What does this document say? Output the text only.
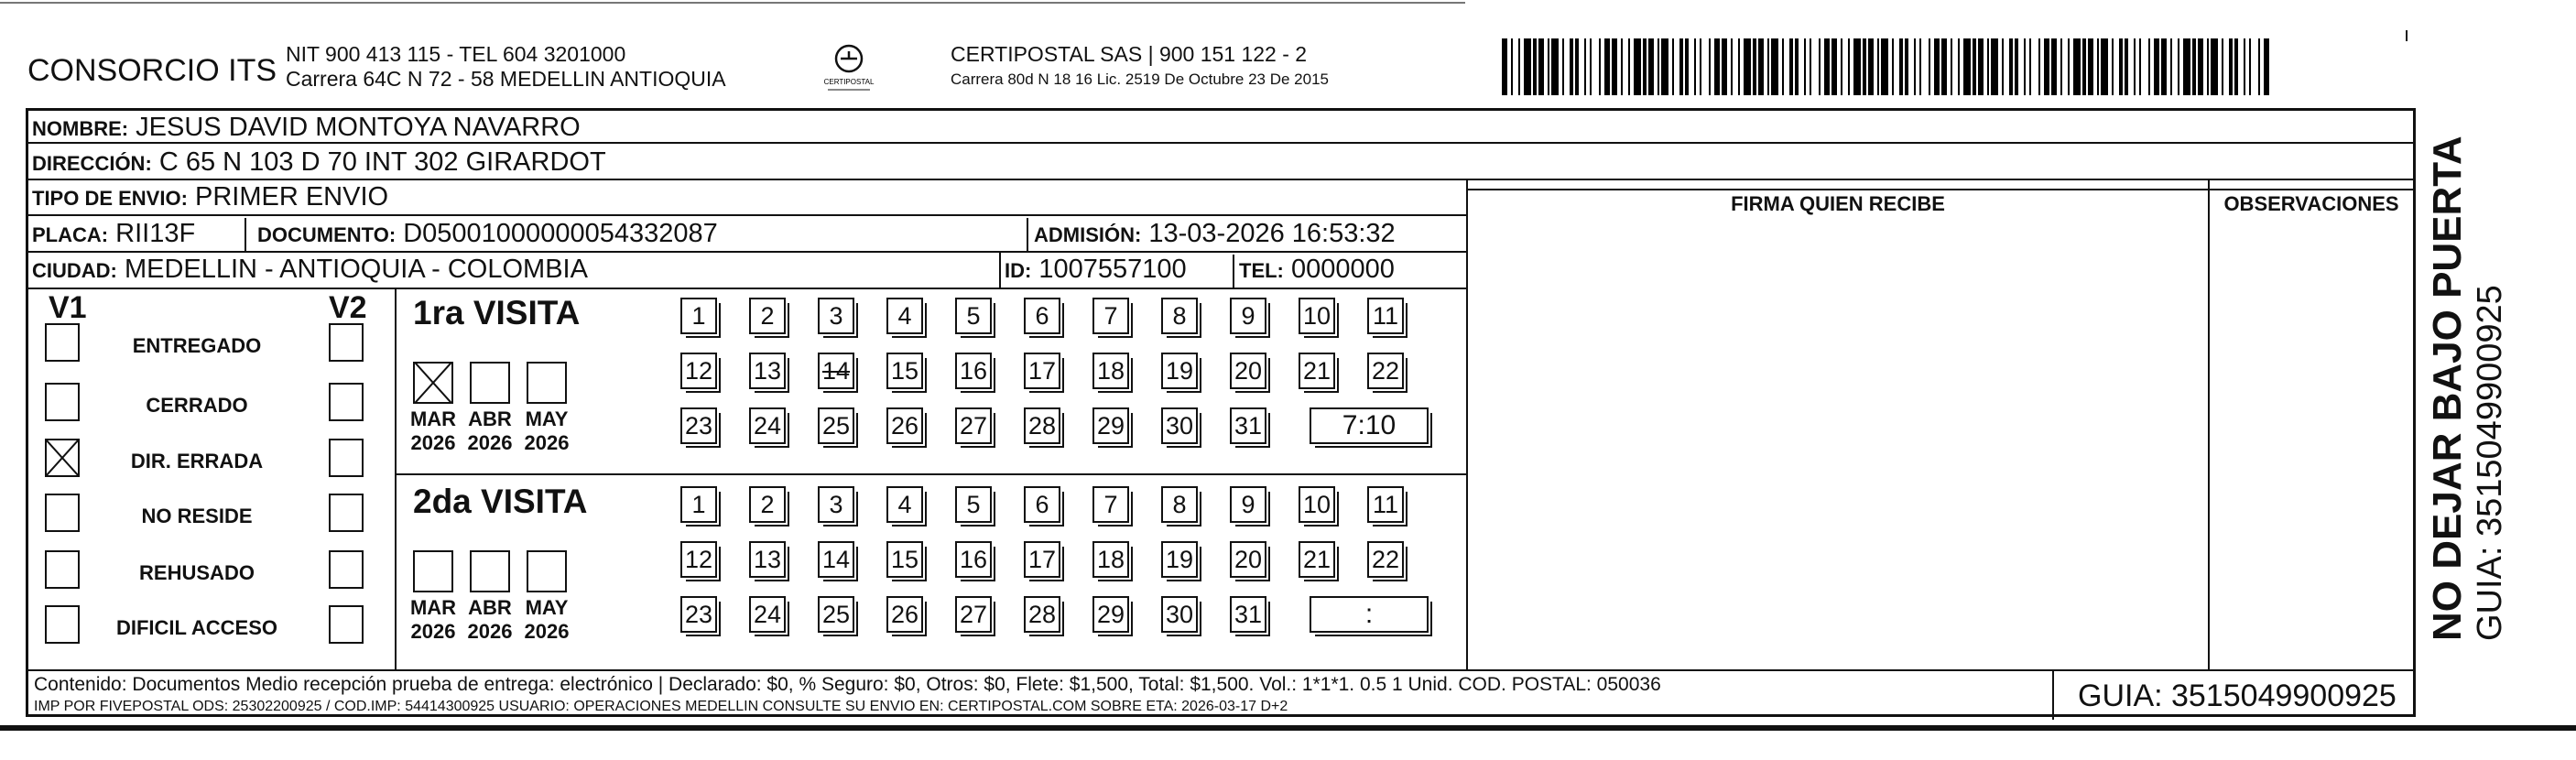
ı
CONSORCIO ITS NIT 900 413 115 - TEL 604 3201000
Carrera 64C N 72 - 58 MEDELLIN ANTIOQUIA	CERTIPOSTAL
CERTIPOSTAL SAS | 900 151 122 - 2
Carrera 80d N 18 16 Lic. 2519 De Octubre 23 De 2015
NOMBRE: JESUS DAVID MONTOYA NAVARRO
DIRECCIÓN: C 65 N 103 D 70 INT 302 GIRARDOT
TIPO DE ENVIO: PRIMER ENVIO
PLACA: RII13F	DOCUMENTO: D05001000000054332087	ADMISIÓN: 13-03-2026 16:53:32
CIUDAD: MEDELLIN - ANTIOQUIA - COLOMBIA	ID: 1007557100	TEL: 0000000
FIRMA QUIEN RECIBE	OBSERVACIONES
V1	V2
ENTREGADO
CERRADO
DIR. ERRADA
NO RESIDE
REHUSADO
DIFICIL ACCESO
1ra VISITA
MAR
2026
ABR
2026
MAY
2026
1 2 3 4 5 6 7 8 9 10 11
12 13 14 15 16 17 18 19 20 21 22
23 24 25 26 27 28 29 30 31	7:10
2da VISITA
MAR
2026
ABR
2026
MAY
2026
1 2 3 4 5 6 7 8 9 10 11
12 13 14 15 16 17 18 19 20 21 22
23 24 25 26 27 28 29 30 31	:
Contenido: Documentos Medio recepción prueba de entrega: electrónico | Declarado: $0, % Seguro: $0, Otros: $0, Flete: $1,500, Total: $1,500. Vol.: 1*1*1. 0.5 1 Unid. COD. POSTAL: 050036
IMP POR FIVEPOSTAL ODS: 25302200925 / COD.IMP: 54414300925 USUARIO: OPERACIONES MEDELLIN CONSULTE SU ENVIO EN: CERTIPOSTAL.COM SOBRE ETA: 2026-03-17 D+2	GUIA: 3515049900925
NO DEJAR BAJO PUERTA GUIA: 3515049900925
